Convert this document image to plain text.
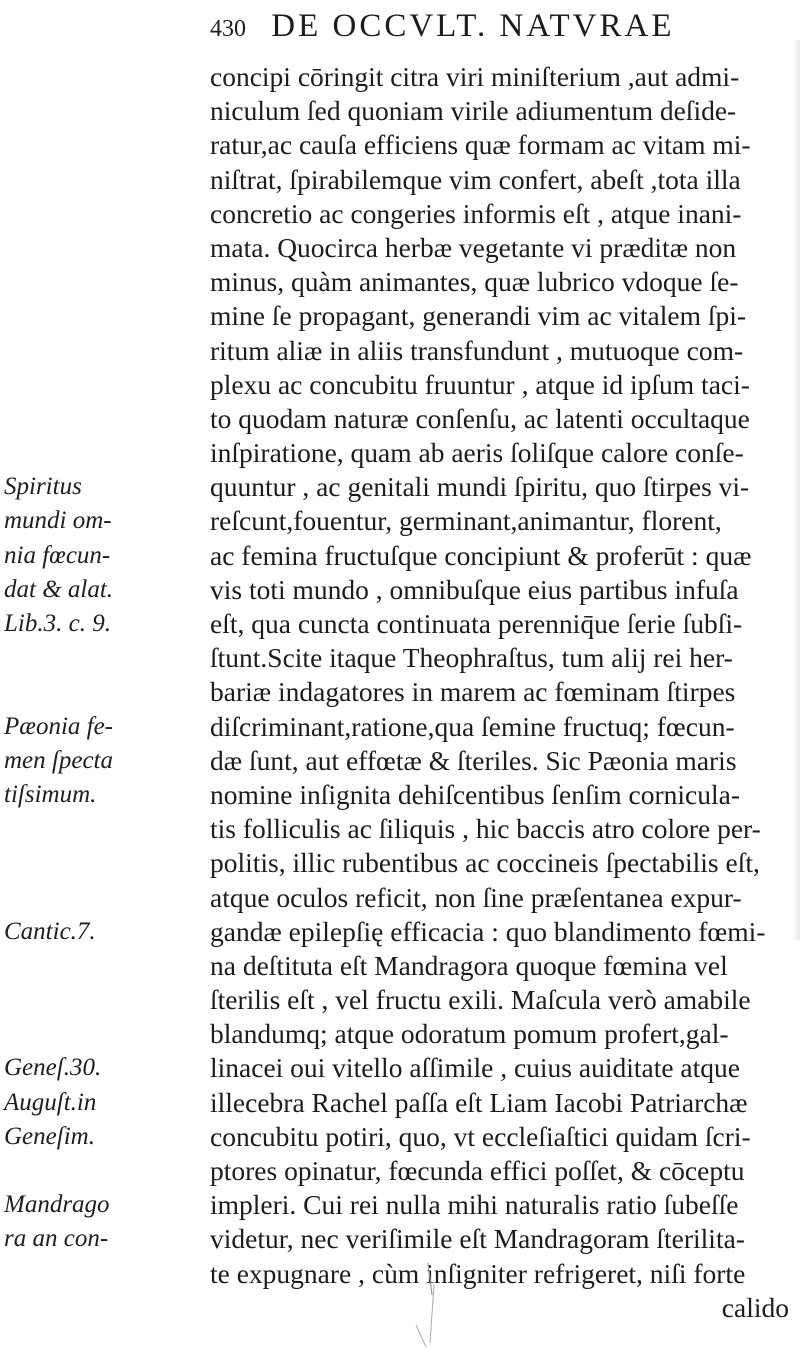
430 DE OCCVLT. NATVRAE
concipi cōringit citra viri miniſterium ,aut admi-
niculum ſed quoniam virile adiumentum deſide-
ratur,ac cauſa efficiens quæ formam ac vitam mi-
niſtrat, ſpirabilemque vim confert, abeſt ,tota illa
concretio ac congeries informis eſt , atque inani-
mata. Quocirca herbæ vegetante vi præditæ non
minus, quàm animantes, quæ lubrico vdoque ſe-
mine ſe propagant, generandi vim ac vitalem ſpi-
ritum aliæ in aliis transfundunt , mutuoque com-
plexu ac concubitu fruuntur , atque id ipſum taci-
to quodam naturæ conſenſu, ac latenti occultaque
inſpiratione, quam ab aeris ſoliſque calore conſe-
quuntur , ac genitali mundi ſpiritu, quo ſtirpes vi-
reſcunt,fouentur, germinant,animantur, florent,
ac femina fructuſque concipiunt & proferūt : quæ
vis toti mundo , omnibuſque eius partibus infuſa
eſt, qua cuncta continuata perenniq̄ue ſerie ſubſi-
ſtunt.Scite itaque Theophraſtus, tum alij rei her-
bariæ indagatores in marem ac fœminam ſtirpes
diſcriminant,ratione,qua ſemine fructuq; fœcun-
dæ ſunt, aut effœtæ & ſteriles. Sic Pæonia maris
nomine inſignita dehiſcentibus ſenſim cornicula-
tis folliculis ac ſiliquis , hic baccis atro colore per-
politis, illic rubentibus ac coccineis ſpectabilis eſt,
atque oculos reficit, non ſine præſentanea expur-
gandæ epilepſię efficacia : quo blandimento fœmi-
na deſtituta eſt Mandragora quoque fœmina vel
ſterilis eſt , vel fructu exili. Maſcula verò amabile
blandumq; atque odoratum pomum profert,gal-
linacei oui vitello aſſimile , cuius auiditate atque
illecebra Rachel paſſa eſt Liam Iacobi Patriarchæ
concubitu potiri, quo, vt eccleſiaſtici quidam ſcri-
ptores opinatur, fœcunda effici poſſet, & cōceptu
impleri. Cui rei nulla mihi naturalis ratio ſubeſſe
videtur, nec veriſimile eſt Mandragoram ſterilita-
te expugnare , cùm inſigniter refrigeret, niſi forte
calido
Spiritus
mundi om-
nia fœcun-
dat & alat.
Lib.3. c. 9.
Pæonia fe-
men ſpecta
tiſsimum.
Cantic.7.
Geneſ.30.
Auguſt.in
Geneſim.
Mandrago
ra an con-
